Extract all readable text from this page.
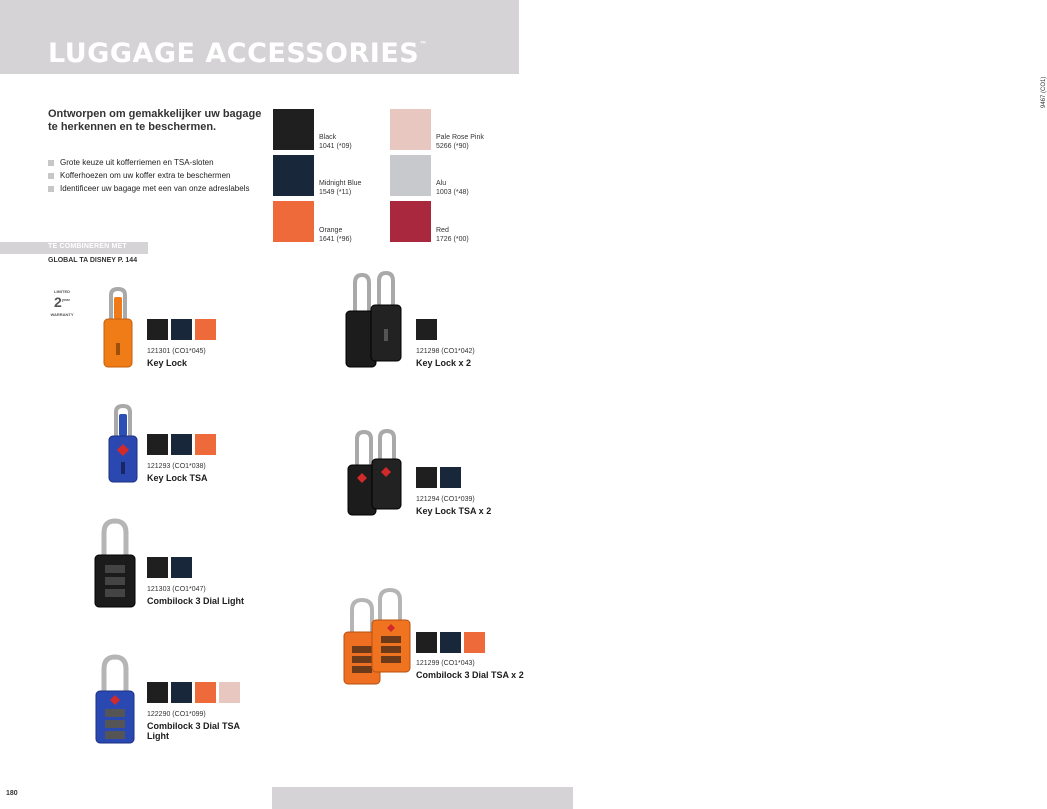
LUGGAGE ACCESSORIES™
9467 (CO1)
Ontworpen om gemakkelijker uw bagage te herkennen en te beschermen.
Grote keuze uit kofferriemen en TSA-sloten
Kofferhoezen om uw koffer extra te beschermen
Identificeer uw bagage met een van onze adreslabels
TE COMBINEREN MET
GLOBAL TA DISNEY P. 144
Black
1041 (*09)
Midnight Blue
1549 (*11)
Orange
1641 (*96)
Pale Rose Pink
5266 (*90)
Alu
1003 (*48)
Red
1726 (*00)
LIMITED
2year
WARRANTY
121301 (CO1*045)
Key Lock
121293 (CO1*038)
Key Lock TSA
121303 (CO1*047)
Combilock 3 Dial Light
122290 (CO1*099)
Combilock 3 Dial TSA Light
121298 (CO1*042)
Key Lock x 2
121294 (CO1*039)
Key Lock TSA x 2
121299 (CO1*043)
Combilock 3 Dial TSA x 2
180
